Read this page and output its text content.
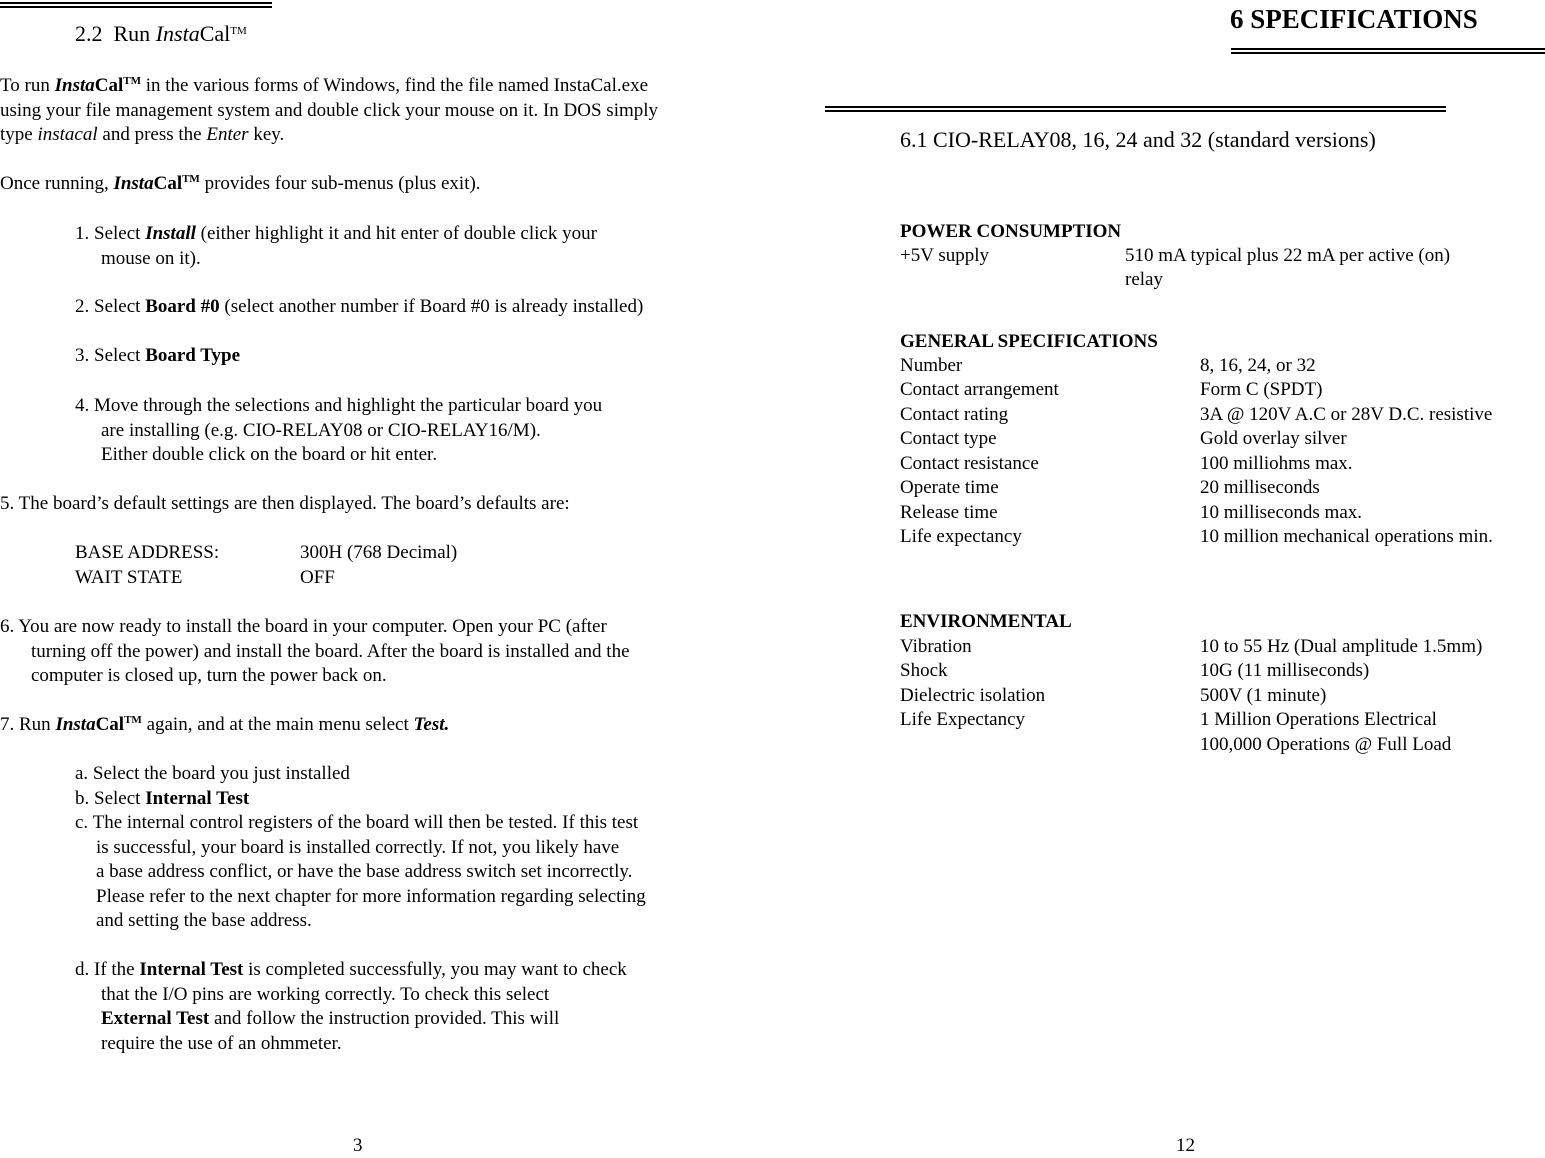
2.2 Run InstaCal™
To run InstaCal™ in the various forms of Windows, find the file named InstaCal.exe
using your file management system and double click your mouse on it. In DOS simply
type instacal and press the Enter key.
Once running, InstaCal™ provides four sub-menus (plus exit).
1. Select Install (either highlight it and hit enter of double click your
mouse on it).
2. Select Board #0 (select another number if Board #0 is already installed)
3. Select Board Type
4. Move through the selections and highlight the particular board you
are installing (e.g. CIO-RELAY08 or CIO-RELAY16/M).
Either double click on the board or hit enter.
5. The board’s default settings are then displayed. The board’s defaults are:
BASE ADDRESS:	300H (768 Decimal)
WAIT STATE	OFF
6. You are now ready to install the board in your computer. Open your PC (after
turning off the power) and install the board. After the board is installed and the
computer is closed up, turn the power back on.
7. Run InstaCal™ again, and at the main menu select Test.
a. Select the board you just installed
b. Select Internal Test
c. The internal control registers of the board will then be tested. If this test
is successful, your board is installed correctly. If not, you likely have
a base address conflict, or have the base address switch set incorrectly.
Please refer to the next chapter for more information regarding selecting
and setting the base address.
d. If the Internal Test is completed successfully, you may want to check
that the I/O pins are working correctly. To check this select
External Test and follow the instruction provided. This will
require the use of an ohmmeter.
3
6 SPECIFICATIONS
6.1 CIO-RELAY08, 16, 24 and 32 (standard versions)
POWER CONSUMPTION
+5V supply	510 mA typical plus 22 mA per active (on)
relay
GENERAL SPECIFICATIONS
Number	8, 16, 24, or 32
Contact arrangement	Form C (SPDT)
Contact rating	3A @ 120V A.C or 28V D.C. resistive
Contact type	Gold overlay silver
Contact resistance	100 milliohms max.
Operate time	20 milliseconds
Release time	10 milliseconds max.
Life expectancy	10 million mechanical operations min.
ENVIRONMENTAL
Vibration	10 to 55 Hz (Dual amplitude 1.5mm)
Shock	10G (11 milliseconds)
Dielectric isolation	500V (1 minute)
Life Expectancy	1 Million Operations Electrical
100,000 Operations @ Full Load
12
